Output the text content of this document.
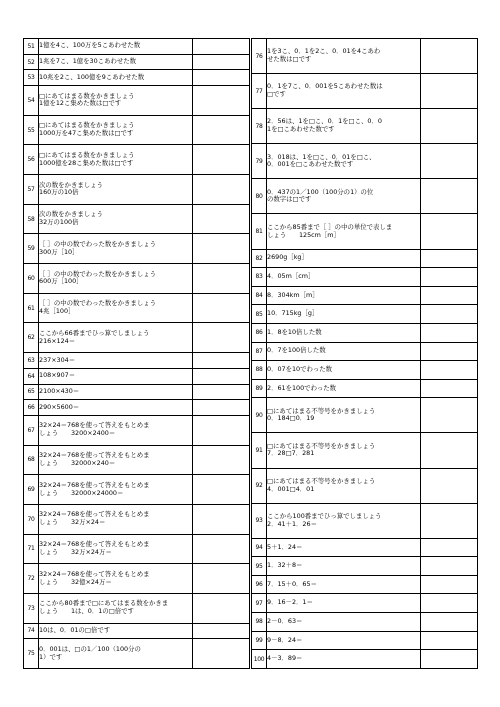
51	1億を4こ、100万を5こあわせた数	

52	1兆を7こ、1億を30こあわせた数	

53	10兆を2こ、100億を9こあわせた数	

54	□にあてはまる数をかきましょう
1億を12こ集めた数は□です	

55	□にあてはまる数をかきましょう
1000万を47こ集めた数は□です	

56	□にあてはまる数をかきましょう
1000億を28こ集めた数は□です	

57	次の数をかきましょう
160万の10倍	

58	次の数をかきましょう
32万の100倍	

59	［ ］の中の数でわった数をかきましょう
300万［10］	

60	［ ］の中の数でわった数をかきましょう
600万［100］	

61	［ ］の中の数でわった数をかきましょう
4兆［100］	

62	ここから66番までひっ算でしましょう
216×124＝	

63	237×304＝	

64	108×907＝	

65	2100×430＝	

66	290×5600＝	

67	32×24＝768を使って答えをもとめま
しょう　　3200×2400＝	

68	32×24＝768を使って答えをもとめま
しょう　　32000×240＝	

69	32×24＝768を使って答えをもとめま
しょう　　32000×24000＝	

70	32×24＝768を使って答えをもとめま
しょう　　32万×24＝	

71	32×24＝768を使って答えをもとめま
しょう　　32万×24万＝	

72	32×24＝768を使って答えをもとめま
しょう　　32億×24万＝	

73	ここから80番まで□にあてはまる数をかきま
しょう　　1は、0．1の□倍です	

74	10は、0．01の□倍です	

75	0．001は、□の1／100（100分の
1）です	

76	1を3こ、0．1を2こ、0．01を4こあわ
せた数は□です	

77	0．1を7こ、0．001を5こあわせた数は
□です	

78	2．56は、1を□こ、0．1を□こ、0．0
1を□こあわせた数です	

79	3．018は、1を□こ、0．01を□こ、
0．001を□こあわせた数です	

80	0．437の1／100（100分の1）の位
の数字は□です	

81	ここから85番まで［ ］の中の単位で表しま
しょう　　125cm［m］	

82	2690g［kg］	

83	4．05m［cm］	

84	8．304km［m］	

85	10．715kg［g］	

86	1．8を10倍した数	

87	0．7を100倍した数	

88	0．07を10でわった数	

89	2．61を100でわった数	

90	□にあてはまる不等号をかきましょう
0．184□0．19	

91	□にあてはまる不等号をかきましょう
7．28□7．281	

92	□にあてはまる不等号をかきましょう
4．001□4．01	

93	ここから100番までひっ算でしましょう
2．41＋1．26＝	

94	5＋1．24＝	

95	1．32＋8＝	

96	7．15＋0．65＝	

97	9．16－2．1＝	

98	2－0．63＝	

99	9－8．24＝	

100	4－3．89＝	
